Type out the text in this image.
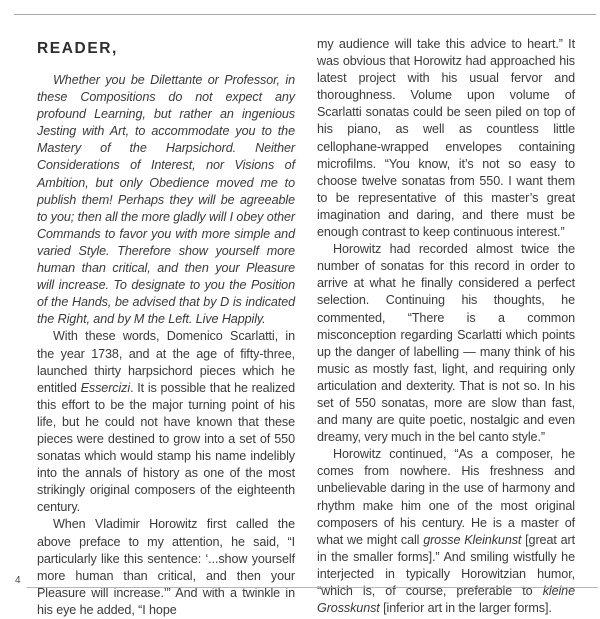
READER,

Whether you be Dilettante or Professor, in these Compositions do not expect any profound Learning, but rather an ingenious Jesting with Art, to accommodate you to the Mastery of the Harpsichord. Neither Considerations of Interest, nor Visions of Ambition, but only Obedience moved me to publish them! Perhaps they will be agreeable to you; then all the more gladly will I obey other Commands to favor you with more simple and varied Style. Therefore show yourself more human than critical, and then your Pleasure will increase. To designate to you the Position of the Hands, be advised that by D is indicated the Right, and by M the Left. Live Happily.

With these words, Domenico Scarlatti, in the year 1738, and at the age of fifty-three, launched thirty harpsichord pieces which he entitled Essercizi. It is possible that he realized this effort to be the major turning point of his life, but he could not have known that these pieces were destined to grow into a set of 550 sonatas which would stamp his name indelibly into the annals of history as one of the most strikingly original composers of the eighteenth century.

When Vladimir Horowitz first called the above preface to my attention, he said, “I particularly like this sentence: ‘...show yourself more human than critical, and then your Pleasure will increase.’” And with a twinkle in his eye he added, “I hope

my audience will take this advice to heart.” It was obvious that Horowitz had approached his latest project with his usual fervor and thoroughness. Volume upon volume of Scarlatti sonatas could be seen piled on top of his piano, as well as countless little cellophane-wrapped envelopes containing microfilms. “You know, it’s not so easy to choose twelve sonatas from 550. I want them to be representative of this master’s great imagination and daring, and there must be enough contrast to keep continuous interest.”

Horowitz had recorded almost twice the number of sonatas for this record in order to arrive at what he finally considered a perfect selection. Continuing his thoughts, he commented, “There is a common misconception regarding Scarlatti which points up the danger of labelling — many think of his music as mostly fast, light, and requiring only articulation and dexterity. That is not so. In his set of 550 sonatas, more are slow than fast, and many are quite poetic, nostalgic and even dreamy, very much in the bel canto style.”

Horowitz continued, “As a composer, he comes from nowhere. His freshness and unbelievable daring in the use of harmony and rhythm make him one of the most original composers of his century. He is a master of what we might call grosse Kleinkunst [great art in the smaller forms].” And smiling wistfully he interjected in typically Horowitzian humor, “which is, of course, preferable to kleine Grosskunst [inferior art in the larger forms].

4
